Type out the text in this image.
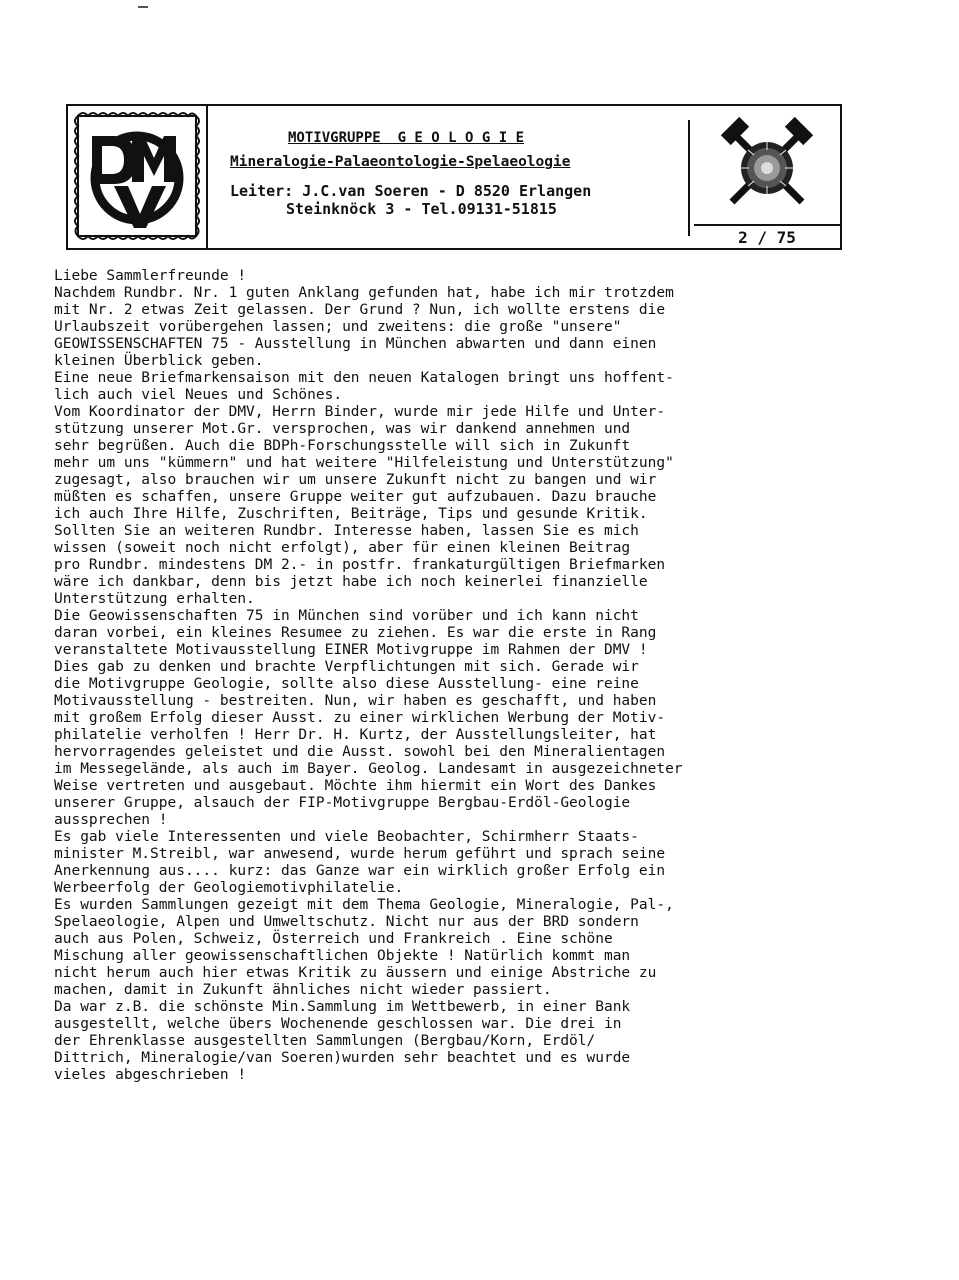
MOTIVGRUPPE  G E O L O G I E
Mineralogie-Palaeontologie-Spelaeologie
Leiter: J.C.van Soeren - D 8520 Erlangen
Steinknöck 3 - Tel.09131-51815
2 / 75
Liebe Sammlerfreunde !
Nachdem Rundbr. Nr. 1 guten Anklang gefunden hat, habe ich mir trotzdem
mit Nr. 2 etwas Zeit gelassen. Der Grund ? Nun, ich wollte erstens die
Urlaubszeit vorübergehen lassen; und zweitens: die große "unsere"
GEOWISSENSCHAFTEN 75 - Ausstellung in München abwarten und dann einen
kleinen Überblick geben.
Eine neue Briefmarkensaison mit den neuen Katalogen bringt uns hoffent-
lich auch viel Neues und Schönes.
Vom Koordinator der DMV, Herrn Binder, wurde mir jede Hilfe und Unter-
stützung unserer Mot.Gr. versprochen, was wir dankend annehmen und
sehr begrüßen. Auch die BDPh-Forschungsstelle will sich in Zukunft
mehr um uns "kümmern" und hat weitere "Hilfeleistung und Unterstützung"
zugesagt, also brauchen wir um unsere Zukunft nicht zu bangen und wir
müßten es schaffen, unsere Gruppe weiter gut aufzubauen. Dazu brauche
ich auch Ihre Hilfe, Zuschriften, Beiträge, Tips und gesunde Kritik.
Sollten Sie an weiteren Rundbr. Interesse haben, lassen Sie es mich
wissen (soweit noch nicht erfolgt), aber für einen kleinen Beitrag
pro Rundbr. mindestens DM 2.- in postfr. frankaturgültigen Briefmarken
wäre ich dankbar, denn bis jetzt habe ich noch keinerlei finanzielle
Unterstützung erhalten.
Die Geowissenschaften 75 in München sind vorüber und ich kann nicht
daran vorbei, ein kleines Resumee zu ziehen. Es war die erste in Rang
veranstaltete Motivausstellung EINER Motivgruppe im Rahmen der DMV !
Dies gab zu denken und brachte Verpflichtungen mit sich. Gerade wir
die Motivgruppe Geologie, sollte also diese Ausstellung- eine reine
Motivausstellung - bestreiten. Nun, wir haben es geschafft, und haben
mit großem Erfolg dieser Ausst. zu einer wirklichen Werbung der Motiv-
philatelie verholfen ! Herr Dr. H. Kurtz, der Ausstellungsleiter, hat
hervorragendes geleistet und die Ausst. sowohl bei den Mineralientagen
im Messegelände, als auch im Bayer. Geolog. Landesamt in ausgezeichneter
Weise vertreten und ausgebaut. Möchte ihm hiermit ein Wort des Dankes
unserer Gruppe, alsauch der FIP-Motivgruppe Bergbau-Erdöl-Geologie
aussprechen !
Es gab viele Interessenten und viele Beobachter, Schirmherr Staats-
minister M.Streibl, war anwesend, wurde herum geführt und sprach seine
Anerkennung aus.... kurz: das Ganze war ein wirklich großer Erfolg ein
Werbeerfolg der Geologiemotivphilatelie.
Es wurden Sammlungen gezeigt mit dem Thema Geologie, Mineralogie, Pal-,
Spelaeologie, Alpen und Umweltschutz. Nicht nur aus der BRD sondern
auch aus Polen, Schweiz, Österreich und Frankreich . Eine schöne
Mischung aller geowissenschaftlichen Objekte ! Natürlich kommt man
nicht herum auch hier etwas Kritik zu äussern und einige Abstriche zu
machen, damit in Zukunft ähnliches nicht wieder passiert.
Da war z.B. die schönste Min.Sammlung im Wettbewerb, in einer Bank
ausgestellt, welche übers Wochenende geschlossen war. Die drei in
der Ehrenklasse ausgestellten Sammlungen (Bergbau/Korn, Erdöl/
Dittrich, Mineralogie/van Soeren)wurden sehr beachtet und es wurde
vieles abgeschrieben !
